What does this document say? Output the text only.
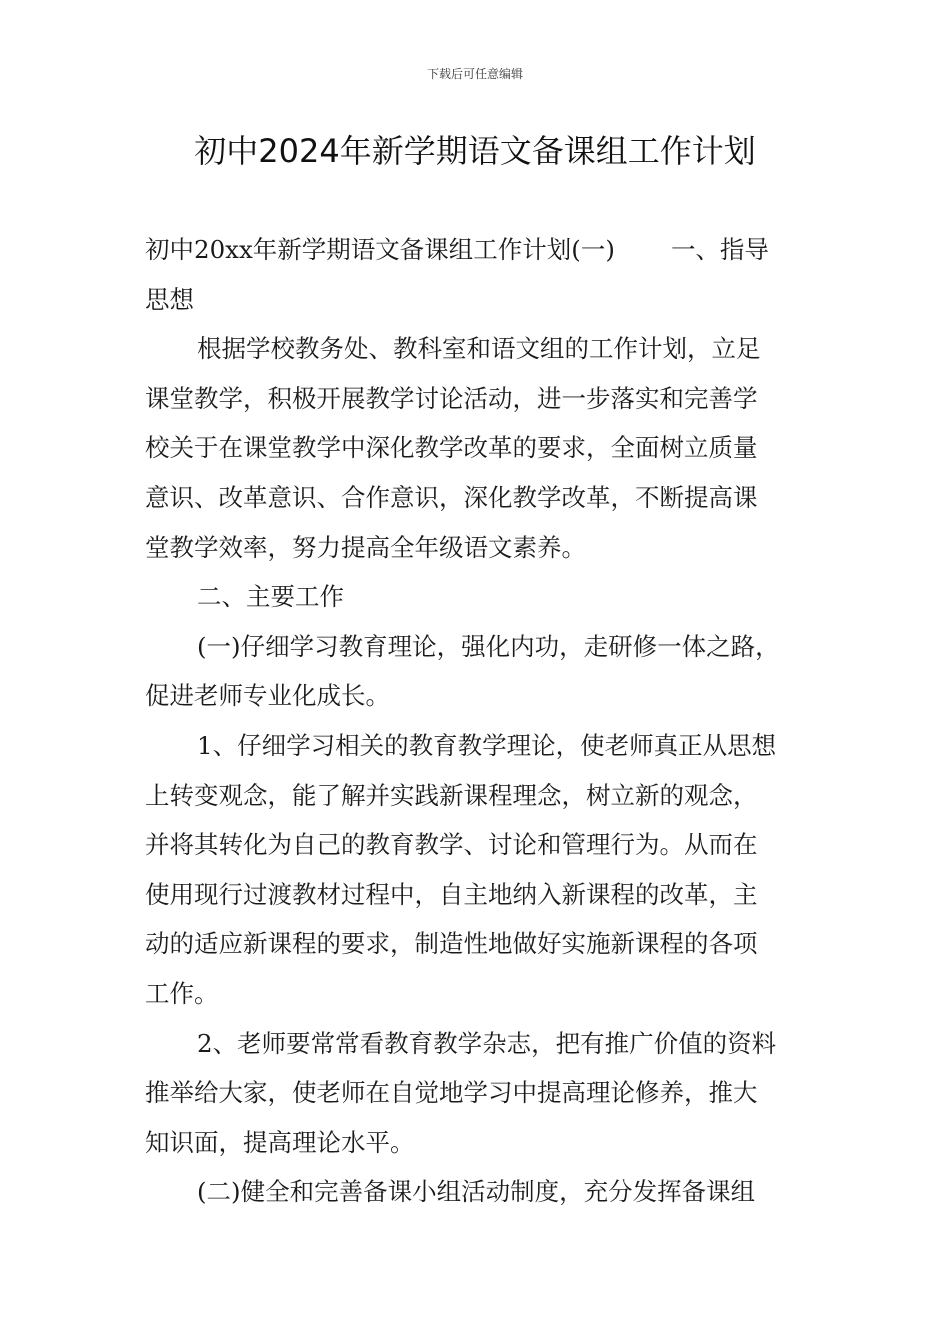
下载后可任意编辑
初中2024年新学期语文备课组工作计划
初中20xx年新学期语文备课组工作计划(一) 一、指导
思想
根据学校教务处、教科室和语文组的工作计划，立足
课堂教学，积极开展教学讨论活动，进一步落实和完善学
校关于在课堂教学中深化教学改革的要求，全面树立质量
意识、改革意识、合作意识，深化教学改革，不断提高课
堂教学效率，努力提高全年级语文素养。
二、主要工作
(一)仔细学习教育理论，强化内功，走研修一体之路，
促进老师专业化成长。
1、仔细学习相关的教育教学理论，使老师真正从思想
上转变观念，能了解并实践新课程理念，树立新的观念，
并将其转化为自己的教育教学、讨论和管理行为。从而在
使用现行过渡教材过程中，自主地纳入新课程的改革，主
动的适应新课程的要求，制造性地做好实施新课程的各项
工作。
2、老师要常常看教育教学杂志，把有推广价值的资料
推举给大家，使老师在自觉地学习中提高理论修养，推大
知识面，提高理论水平。
(二)健全和完善备课小组活动制度，充分发挥备课组
